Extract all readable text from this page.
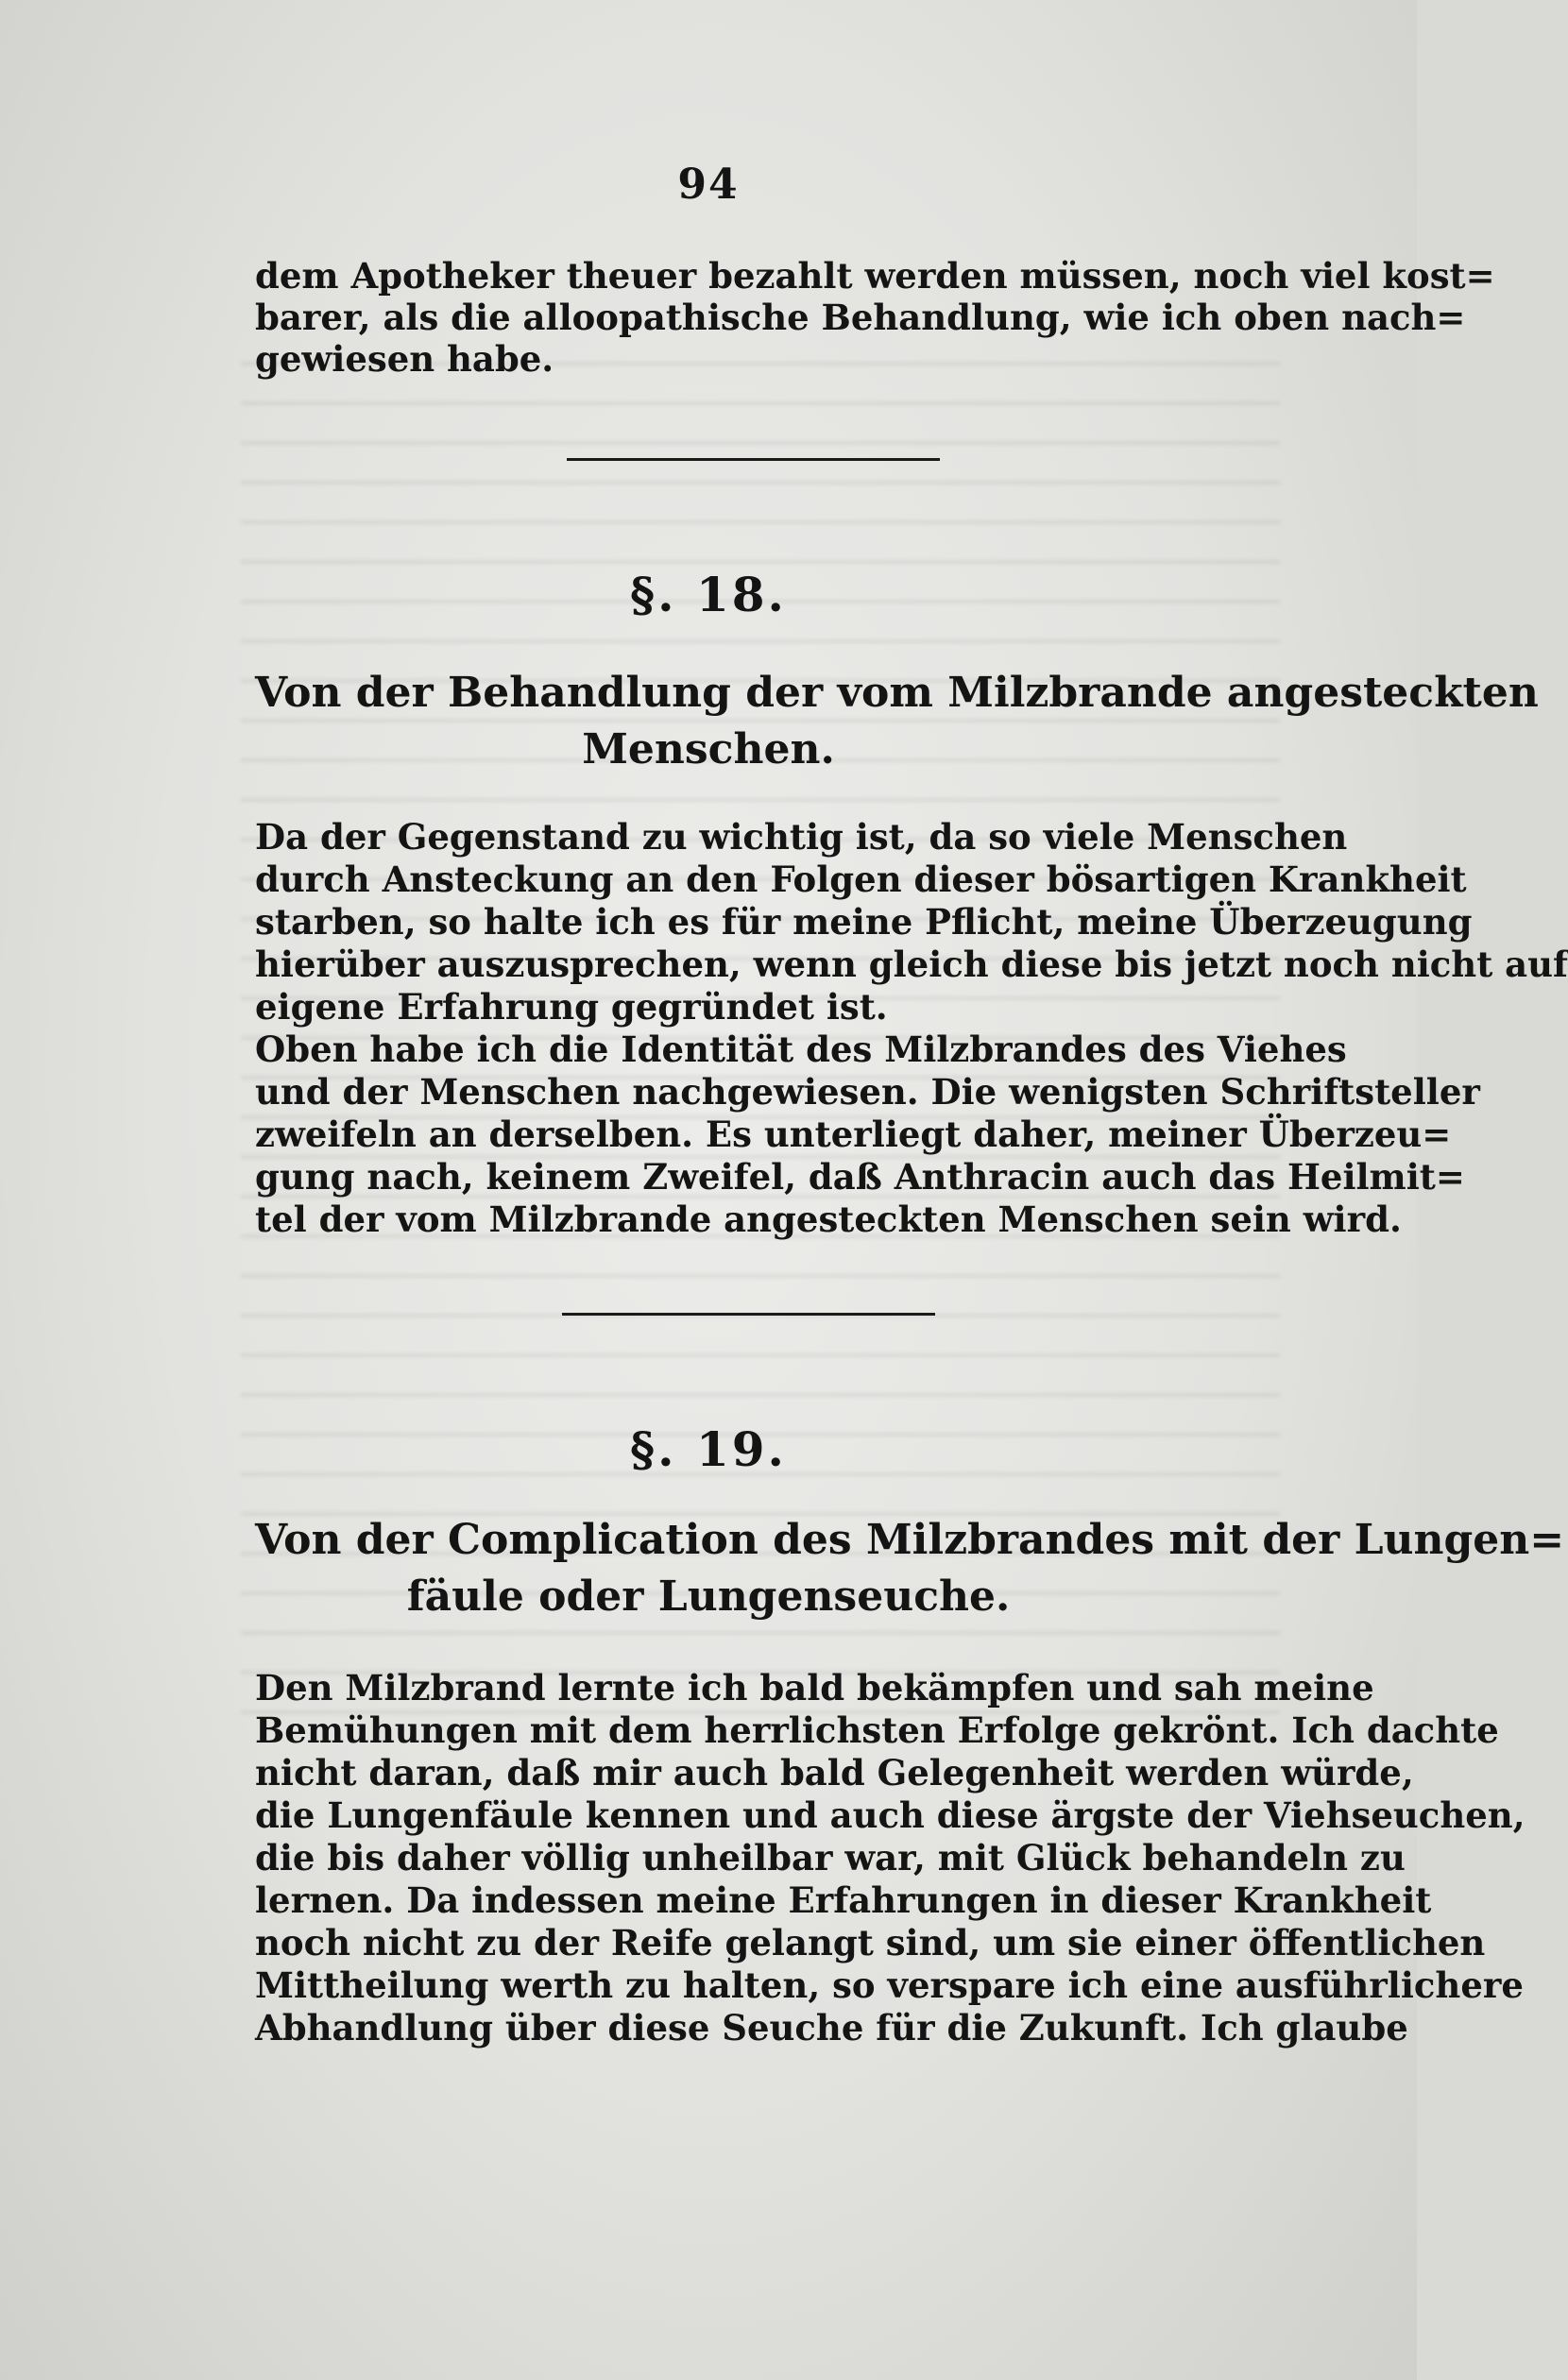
94
dem Apotheker theuer bezahlt werden müssen, noch viel kost=
barer, als die alloopathische Behandlung, wie ich oben nach=
gewiesen habe.
§. 18.
Von der Behandlung der vom Milzbrande angesteckten
Menschen.
Da der Gegenstand zu wichtig ist, da so viele Menschen
durch Ansteckung an den Folgen dieser bösartigen Krankheit
starben, so halte ich es für meine Pflicht, meine Überzeugung
hierüber auszusprechen, wenn gleich diese bis jetzt noch nicht auf
eigene Erfahrung gegründet ist.
Oben habe ich die Identität des Milzbrandes des Viehes
und der Menschen nachgewiesen. Die wenigsten Schriftsteller
zweifeln an derselben. Es unterliegt daher, meiner Überzeu=
gung nach, keinem Zweifel, daß Anthracin auch das Heilmit=
tel der vom Milzbrande angesteckten Menschen sein wird.
§. 19.
Von der Complication des Milzbrandes mit der Lungen=
fäule oder Lungenseuche.
Den Milzbrand lernte ich bald bekämpfen und sah meine
Bemühungen mit dem herrlichsten Erfolge gekrönt. Ich dachte
nicht daran, daß mir auch bald Gelegenheit werden würde,
die Lungenfäule kennen und auch diese ärgste der Viehseuchen,
die bis daher völlig unheilbar war, mit Glück behandeln zu
lernen. Da indessen meine Erfahrungen in dieser Krankheit
noch nicht zu der Reife gelangt sind, um sie einer öffentlichen
Mittheilung werth zu halten, so verspare ich eine ausführlichere
Abhandlung über diese Seuche für die Zukunft. Ich glaube
